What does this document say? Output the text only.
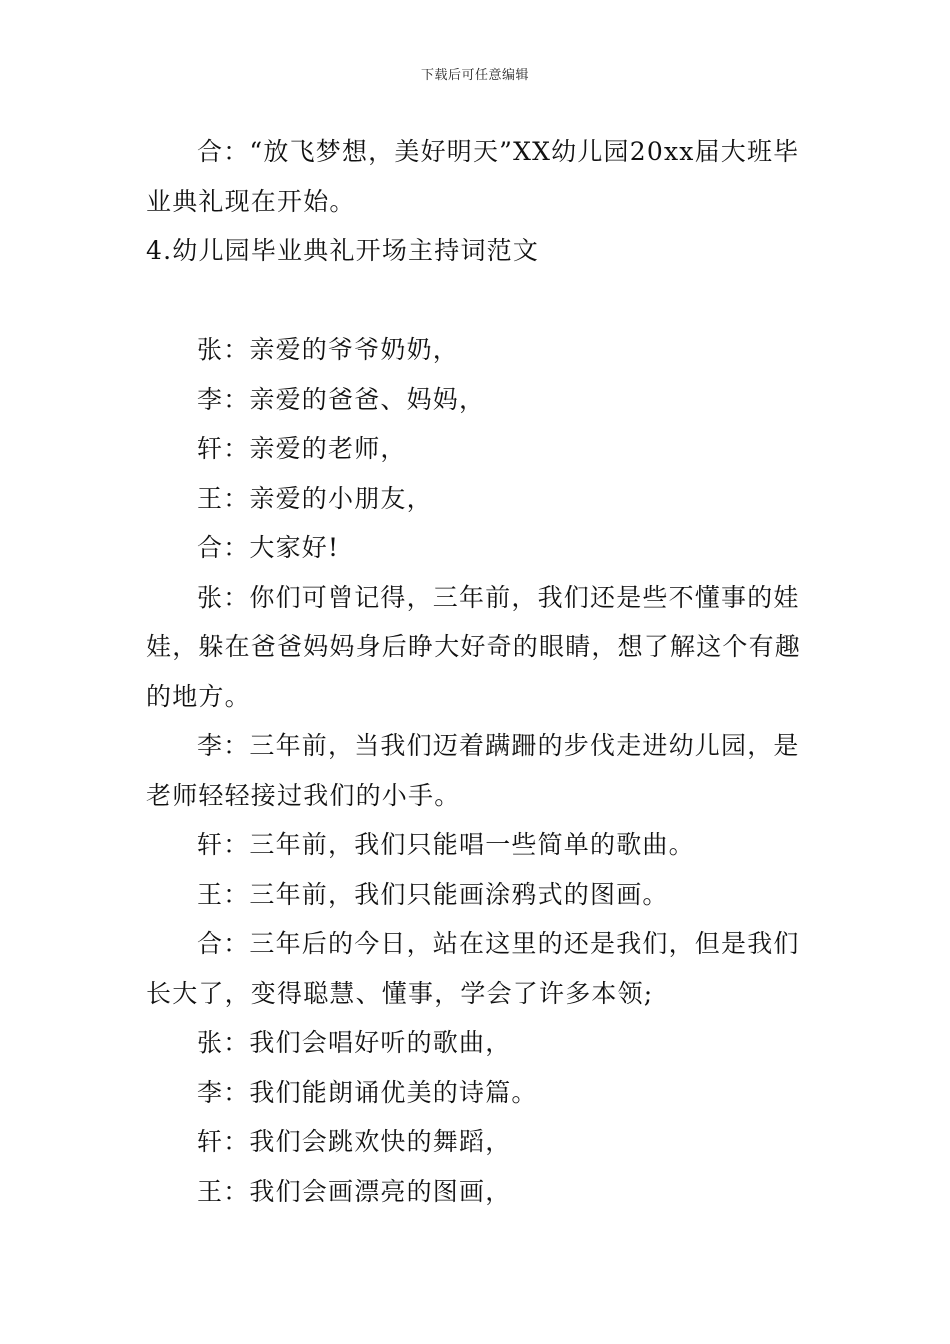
下载后可任意编辑

合：“放飞梦想，美好明天”XX幼儿园20xx届大班毕业典礼现在开始。

4.幼儿园毕业典礼开场主持词范文

张：亲爱的爷爷奶奶，

李：亲爱的爸爸、妈妈，

轩：亲爱的老师，

王：亲爱的小朋友，

合：大家好!

张：你们可曾记得，三年前，我们还是些不懂事的娃娃，躲在爸爸妈妈身后睁大好奇的眼睛，想了解这个有趣的地方。

李：三年前，当我们迈着蹒跚的步伐走进幼儿园，是老师轻轻接过我们的小手。

轩：三年前，我们只能唱一些简单的歌曲。

王：三年前，我们只能画涂鸦式的图画。

合：三年后的今日，站在这里的还是我们，但是我们长大了，变得聪慧、懂事，学会了许多本领;

张：我们会唱好听的歌曲，

李：我们能朗诵优美的诗篇。

轩：我们会跳欢快的舞蹈，

王：我们会画漂亮的图画，
